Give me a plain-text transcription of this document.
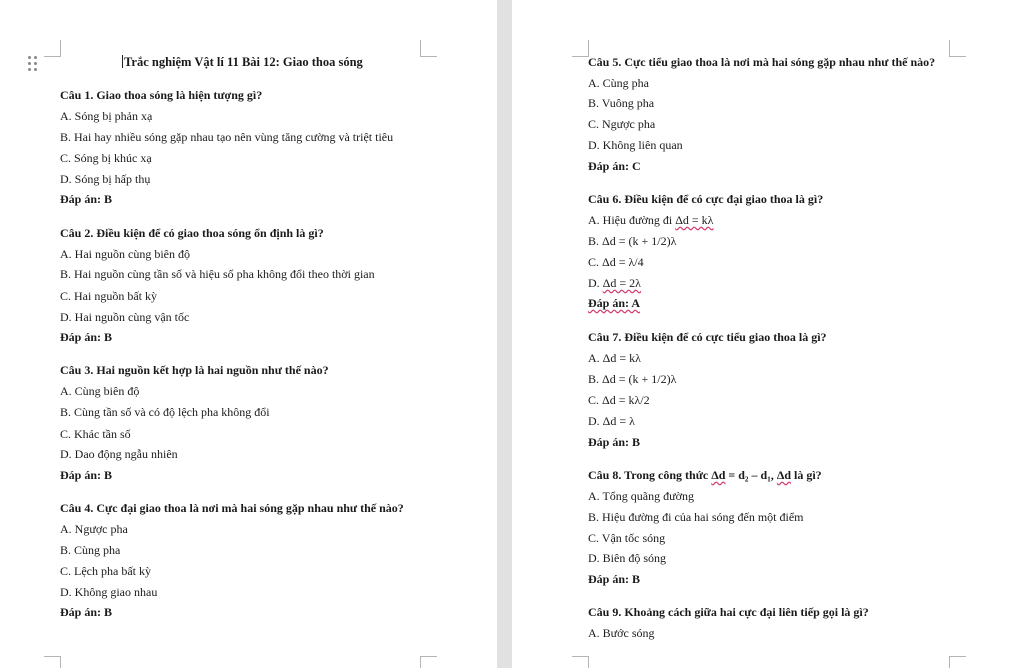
Trắc nghiệm Vật lí 11 Bài 12: Giao thoa sóng
Câu 1. Giao thoa sóng là hiện tượng gì?
A. Sóng bị phản xạ
B. Hai hay nhiều sóng gặp nhau tạo nên vùng tăng cường và triệt tiêu
C. Sóng bị khúc xạ
D. Sóng bị hấp thụ
Đáp án: B
Câu 2. Điều kiện để có giao thoa sóng ổn định là gì?
A. Hai nguồn cùng biên độ
B. Hai nguồn cùng tần số và hiệu số pha không đổi theo thời gian
C. Hai nguồn bất kỳ
D. Hai nguồn cùng vận tốc
Đáp án: B
Câu 3. Hai nguồn kết hợp là hai nguồn như thế nào?
A. Cùng biên độ
B. Cùng tần số và có độ lệch pha không đổi
C. Khác tần số
D. Dao động ngẫu nhiên
Đáp án: B
Câu 4. Cực đại giao thoa là nơi mà hai sóng gặp nhau như thế nào?
A. Ngược pha
B. Cùng pha
C. Lệch pha bất kỳ
D. Không giao nhau
Đáp án: B
Câu 5. Cực tiểu giao thoa là nơi mà hai sóng gặp nhau như thế nào?
A. Cùng pha
B. Vuông pha
C. Ngược pha
D. Không liên quan
Đáp án: C
Câu 6. Điều kiện để có cực đại giao thoa là gì?
A. Hiệu đường đi Δd = kλ
B. Δd = (k + 1/2)λ
C. Δd = λ/4
D. Δd = 2λ
Đáp án: A
Câu 7. Điều kiện để có cực tiểu giao thoa là gì?
A. Δd = kλ
B. Δd = (k + 1/2)λ
C. Δd = kλ/2
D. Δd = λ
Đáp án: B
Câu 8. Trong công thức Δd = d₂ – d₁, Δd là gì?
A. Tổng quãng đường
B. Hiệu đường đi của hai sóng đến một điểm
C. Vận tốc sóng
D. Biên độ sóng
Đáp án: B
Câu 9. Khoảng cách giữa hai cực đại liên tiếp gọi là gì?
A. Bước sóng
